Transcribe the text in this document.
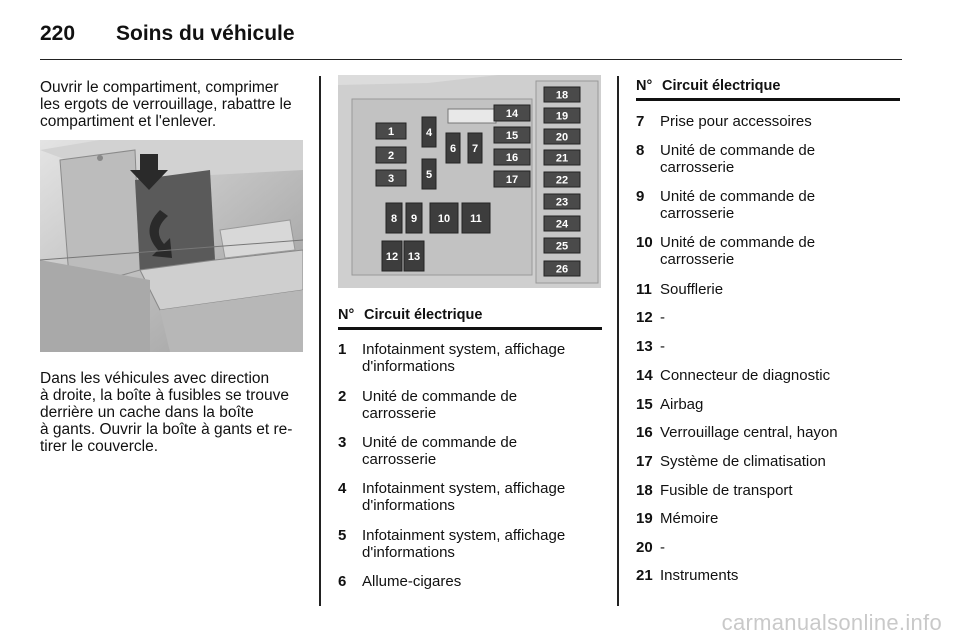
220 Soins du véhicule
Ouvrir le compartiment, comprimer
les ergots de verrouillage, rabattre le
compartiment et l'enlever.
Dans les véhicules avec direction
à droite, la boîte à fusibles se trouve
derrière un cache dans la boîte
à gants. Ouvrir la boîte à gants et re-
tirer le couvercle.
1
2
3
4
5
6 7
8 9 10 11
12 13
14
15
16
17
18
19
20
21
22
23
24
25
26
N° Circuit électrique
1	Infotainment system, affichage
d'informations
2	Unité de commande de
carrosserie
3	Unité de commande de
carrosserie
4	Infotainment system, affichage
d'informations
5	Infotainment system, affichage
d'informations
6	Allume-cigares
N° Circuit électrique
7	Prise pour accessoires
8	Unité de commande de
carrosserie
9	Unité de commande de
carrosserie
10 Unité de commande de
carrosserie
11 Soufflerie
12 -
13 -
14 Connecteur de diagnostic
15 Airbag
16 Verrouillage central, hayon
17 Système de climatisation
18 Fusible de transport
19 Mémoire
20 -
21 Instruments
carmanualsonline.info
